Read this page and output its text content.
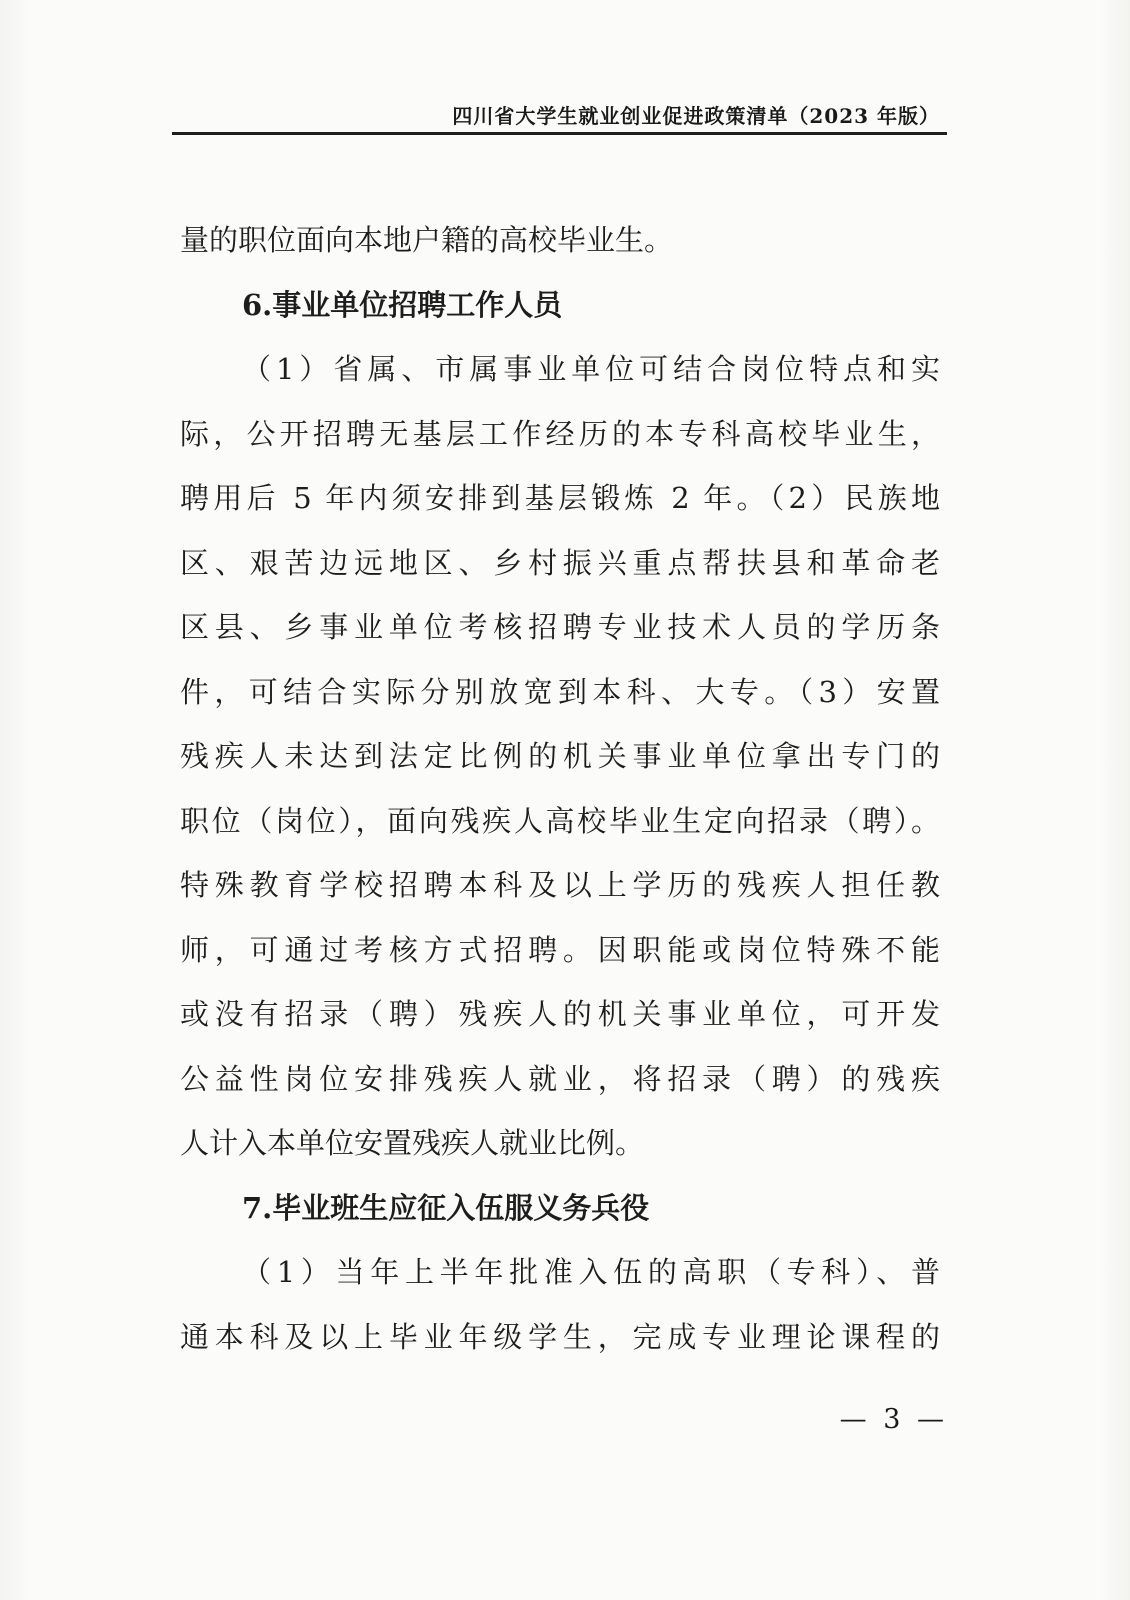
四川省大学生就业创业促进政策清单（2023 年版）
量的职位面向本地户籍的高校毕业生。
6.事业单位招聘工作人员
（1）省属、市属事业单位可结合岗位特点和实
际，公开招聘无基层工作经历的本专科高校毕业生，
聘用后 5 年内须安排到基层锻炼 2 年。（2）民族地
区、艰苦边远地区、乡村振兴重点帮扶县和革命老
区县、乡事业单位考核招聘专业技术人员的学历条
件，可结合实际分别放宽到本科、大专。（3）安置
残疾人未达到法定比例的机关事业单位拿出专门的
职位（岗位），面向残疾人高校毕业生定向招录（聘）。
特殊教育学校招聘本科及以上学历的残疾人担任教
师，可通过考核方式招聘。因职能或岗位特殊不能
或没有招录（聘）残疾人的机关事业单位，可开发
公益性岗位安排残疾人就业，将招录（聘）的残疾
人计入本单位安置残疾人就业比例。
7.毕业班生应征入伍服义务兵役
（1）当年上半年批准入伍的高职（专科）、普
通本科及以上毕业年级学生，完成专业理论课程的
— 3 —
